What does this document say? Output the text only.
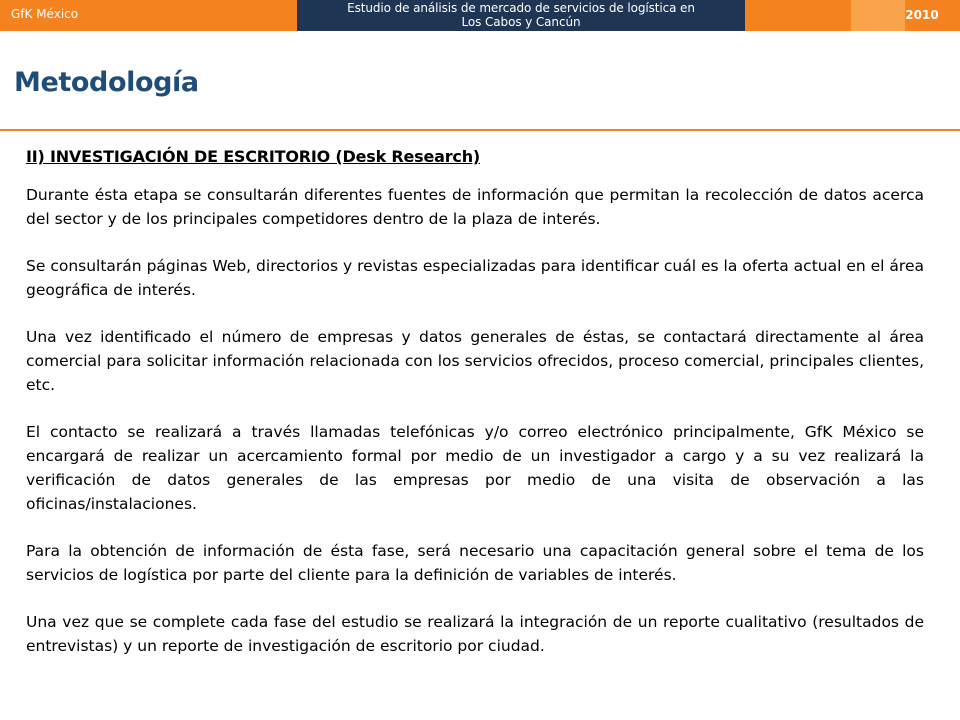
GfK México	Estudio de análisis de mercado de servicios de logística en
Los Cabos y Cancún	2010
Metodología
II) INVESTIGACIÓN DE ESCRITORIO (Desk Research)

Durante ésta etapa se consultarán diferentes fuentes de información que permitan la recolección de datos acerca del sector y de los principales competidores dentro de la plaza de interés.

Se consultarán páginas Web, directorios y revistas especializadas para identificar cuál es la oferta actual en el área geográfica de interés.

Una vez identificado el número de empresas y datos generales de éstas, se contactará directamente al área comercial para solicitar información relacionada con los servicios ofrecidos, proceso comercial, principales clientes, etc.

El contacto se realizará a través llamadas telefónicas y/o correo electrónico principalmente, GfK México se encargará de realizar un acercamiento formal por medio de un investigador a cargo y a su vez realizará la verificación de datos generales de las empresas por medio de una visita de observación a las oficinas/instalaciones.

Para la obtención de información de ésta fase, será necesario una capacitación general sobre el tema de los servicios de logística por parte del cliente para la definición de variables de interés.

Una vez que se complete cada fase del estudio se realizará la integración de un reporte cualitativo (resultados de entrevistas) y un reporte de investigación de escritorio por ciudad.
